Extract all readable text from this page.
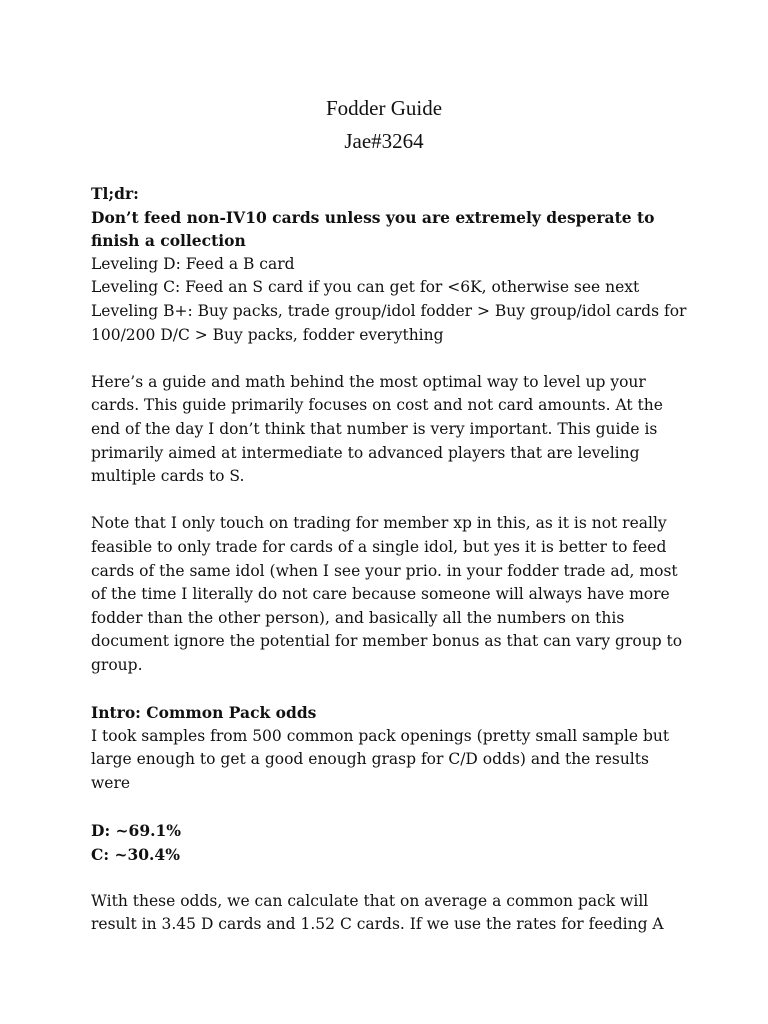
Fodder Guide
Jae#3264

Tl;dr:

Don’t feed non-IV10 cards unless you are extremely desperate to

finish a collection

Leveling D: Feed a B card

Leveling C: Feed an S card if you can get for <6K, otherwise see next

Leveling B+: Buy packs, trade group/idol fodder > Buy group/idol cards for

100/200 D/C > Buy packs, fodder everything

Here’s a guide and math behind the most optimal way to level up your

cards. This guide primarily focuses on cost and not card amounts. At the

end of the day I don’t think that number is very important. This guide is

primarily aimed at intermediate to advanced players that are leveling

multiple cards to S.

Note that I only touch on trading for member xp in this, as it is not really

feasible to only trade for cards of a single idol, but yes it is better to feed

cards of the same idol (when I see your prio. in your fodder trade ad, most

of the time I literally do not care because someone will always have more

fodder than the other person), and basically all the numbers on this

document ignore the potential for member bonus as that can vary group to

group.

Intro: Common Pack odds

I took samples from 500 common pack openings (pretty small sample but

large enough to get a good enough grasp for C/D odds) and the results were

D: ~69.1%

C: ~30.4%

With these odds, we can calculate that on average a common pack will

result in 3.45 D cards and 1.52 C cards. If we use the rates for feeding A
